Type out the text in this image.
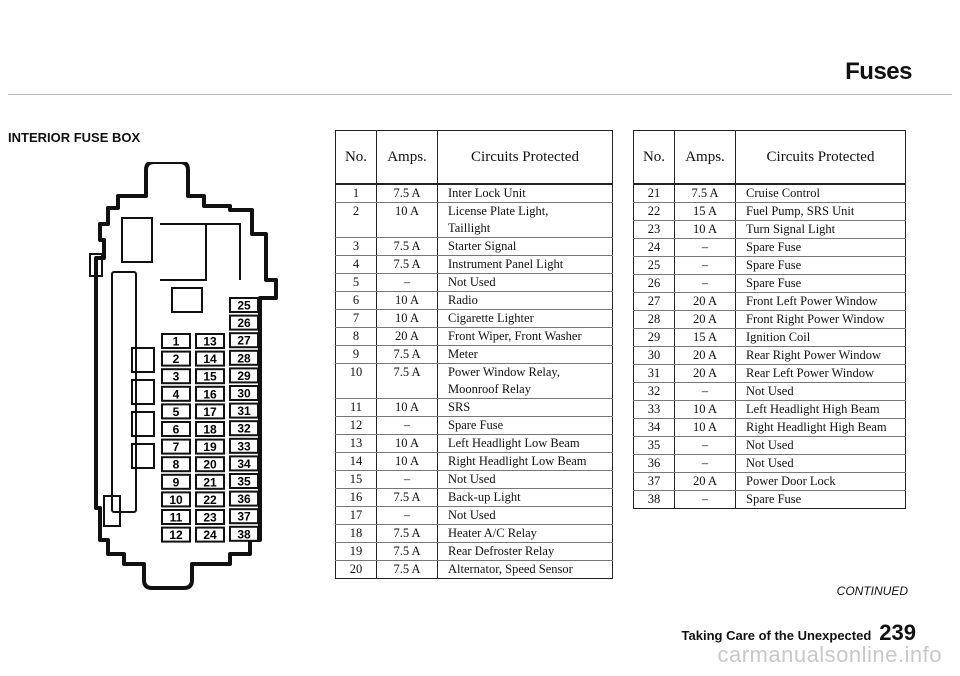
Fuses
INTERIOR FUSE BOX
1
2
3
4
5
6
7
8
9
10
11
12
13
14
15
16
17
18
19
20
21
22
23
24
25
26
27
28
29
30
31
32
33
34
35
36
37
38
No.	Amps.	Circuits Protected
1	7.5 A	Inter Lock Unit
2	10 A	License Plate Light,
		Taillight
3	7.5 A	Starter Signal
4	7.5 A	Instrument Panel Light
5	–	Not Used
6	10 A	Radio
7	10 A	Cigarette Lighter
8	20 A	Front Wiper, Front Washer
9	7.5 A	Meter
10	7.5 A	Power Window Relay,
		Moonroof Relay
11	10 A	SRS
12	–	Spare Fuse
13	10 A	Left Headlight Low Beam
14	10 A	Right Headlight Low Beam
15	–	Not Used
16	7.5 A	Back-up Light
17	–	Not Used
18	7.5 A	Heater A/C Relay
19	7.5 A	Rear Defroster Relay
20	7.5 A	Alternator, Speed Sensor
No.	Amps.	Circuits Protected
21	7.5 A	Cruise Control
22	15 A	Fuel Pump, SRS Unit
23	10 A	Turn Signal Light
24	–	Spare Fuse
25	–	Spare Fuse
26	–	Spare Fuse
27	20 A	Front Left Power Window
28	20 A	Front Right Power Window
29	15 A	Ignition Coil
30	20 A	Rear Right Power Window
31	20 A	Rear Left Power Window
32	–	Not Used
33	10 A	Left Headlight High Beam
34	10 A	Right Headlight High Beam
35	–	Not Used
36	–	Not Used
37	20 A	Power Door Lock
38	–	Spare Fuse
CONTINUED
Taking Care of the Unexpected 239
carmanualsonline.info
